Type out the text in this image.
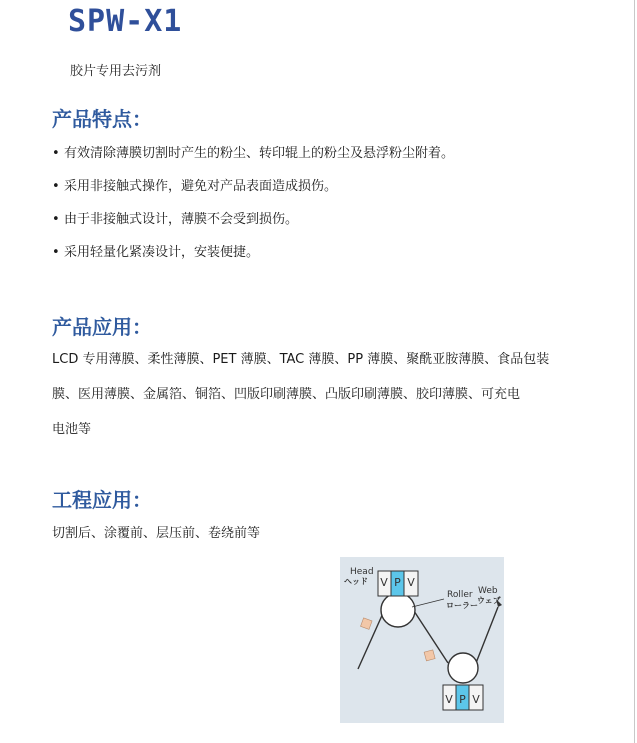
SPW-X1
胶片专用去污剂
产品特点：
• 有效清除薄膜切割时产生的粉尘、转印辊上的粉尘及悬浮粉尘附着。
• 采用非接触式操作，避免对产品表面造成损伤。
• 由于非接触式设计，薄膜不会受到损伤。
• 采用轻量化紧凑设计，安装便捷。
产品应用：
LCD 专用薄膜、柔性薄膜、PET 薄膜、TAC 薄膜、PP 薄膜、聚酰亚胺薄膜、食品包装
膜、医用薄膜、金属箔、铜箔、凹版印刷薄膜、凸版印刷薄膜、胶印薄膜、可充电
电池等
工程应用：
切割后、涂覆前、层压前、卷绕前等
V P V
V P V
Head
ヘッド
Roller
ローラー
Web
ウェブ
